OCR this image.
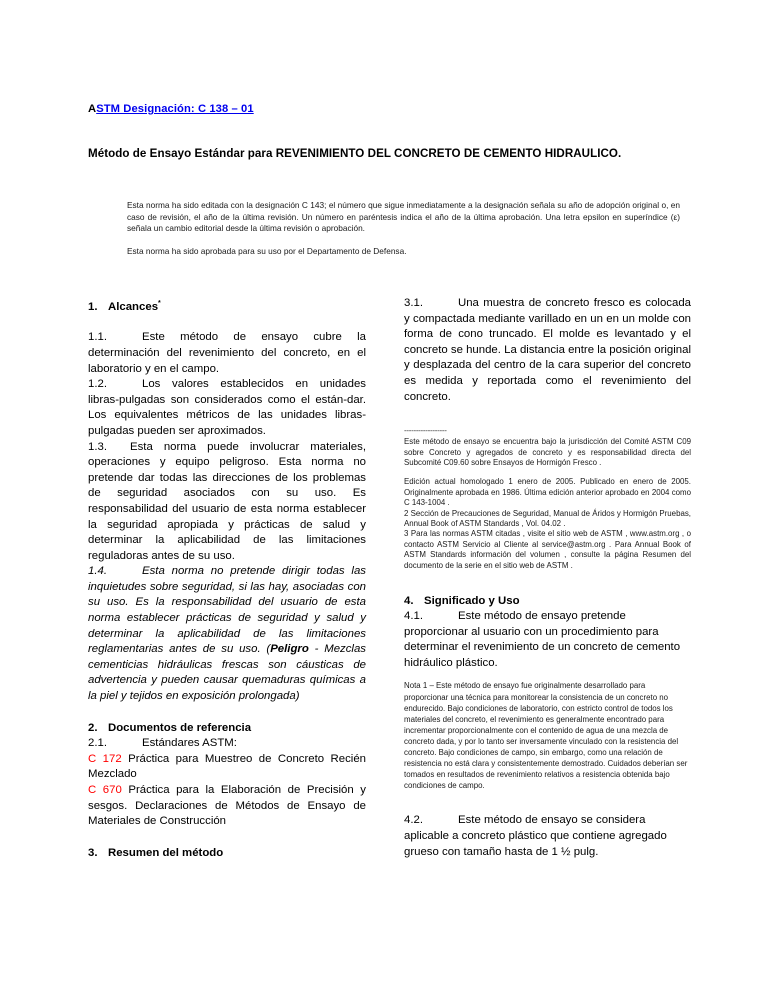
ASTM Designación: C 138 – 01
Método de Ensayo Estándar para REVENIMIENTO DEL CONCRETO DE CEMENTO HIDRAULICO.

Esta norma ha sido editada con la designación C 143; el número que sigue inmediatamente a la designación señala su año de adopción original o, en caso de revisión, el año de la última revisión. Un número en paréntesis indica el año de la última aprobación. Una letra epsilon en superíndice (ε) señala un cambio editorial desde la última revisión o aprobación.

Esta norma ha sido aprobada para su uso por el Departamento de Defensa.

1. Alcances*

1.1.	Este método de ensayo cubre la determinación del revenimiento del concreto, en el laboratorio y en el campo.

1.2.	Los valores establecidos en unidades libras-pulgadas son considerados como el están-dar. Los equivalentes métricos de las unidades libras-pulgadas pueden ser aproximados.

1.3. Esta norma puede involucrar materiales, operaciones y equipo peligroso. Esta norma no pretende dar todas las direcciones de los problemas de seguridad asociados con su uso. Es responsabilidad del usuario de esta norma establecer la seguridad apropiada y prácticas de salud y determinar la aplicabilidad de las limitaciones reguladoras antes de su uso.

1.4.	Esta norma no pretende dirigir todas las inquietudes sobre seguridad, si las hay, asociadas con su uso. Es la responsabilidad del usuario de esta norma establecer prácticas de seguridad y salud y determinar la aplicabilidad de las limitaciones reglamentarias antes de su uso. (Peligro - Mezclas cementicias hidráulicas frescas son cáusticas de advertencia y pueden causar quemaduras químicas a la piel y tejidos en exposición prolongada)

2. Documentos de referencia

2.1.	Estándares ASTM:

C 172 Práctica para Muestreo de Concreto Recién Mezclado

C 670 Práctica para la Elaboración de Precisión y sesgos. Declaraciones de Métodos de Ensayo de Materiales de Construcción

3. Resumen del método

3.1.	Una muestra de concreto fresco es colocada y compactada mediante varillado en un en un molde con forma de cono truncado. El molde es levantado y el concreto se hunde. La distancia entre la posición original y desplazada del centro de la cara superior del concreto es medida y reportada como el revenimiento del concreto.

------------------

Este método de ensayo se encuentra bajo la jurisdicción del Comité ASTM C09 sobre Concreto y agregados de concreto y es responsabilidad directa del Subcomité C09.60 sobre Ensayos de Hormigón Fresco .

Edición actual homologado 1 enero de 2005. Publicado en enero de 2005. Originalmente aprobada en 1986. Última edición anterior aprobado en 2004 como C 143-1004 .

2 Sección de Precauciones de Seguridad, Manual de Áridos y Hormigón Pruebas, Annual Book of ASTM Standards , Vol. 04.02 .

3 Para las normas ASTM citadas , visite el sitio web de ASTM , www.astm.org , o contacto ASTM Servicio al Cliente al service@astm.org . Para Annual Book of ASTM Standards información del volumen , consulte la página Resumen del documento de la serie en el sitio web de ASTM .

4. Significado y Uso

4.1.	Este método de ensayo pretende proporcionar al usuario con un procedimiento para determinar el revenimiento de un concreto de cemento hidráulico plástico.

Nota 1 – Este método de ensayo fue originalmente desarrollado para proporcionar una técnica para monitorear la consistencia de un concreto no endurecido. Bajo condiciones de laboratorio, con estricto control de todos los materiales del concreto, el revenimiento es generalmente encontrado para incrementar proporcionalmente con el contenido de agua de una mezcla de concreto dada, y por lo tanto ser inversamente vinculado con la resistencia del concreto. Bajo condiciones de campo, sin embargo, como una relación de resistencia no está clara y consistentemente demostrado. Cuidados deberían ser tomados en resultados de revenimiento relativos a resistencia obtenida bajo condiciones de campo.

4.2.	Este método de ensayo se considera aplicable a concreto plástico que contiene agregado grueso con tamaño hasta de 1 ½ pulg.
